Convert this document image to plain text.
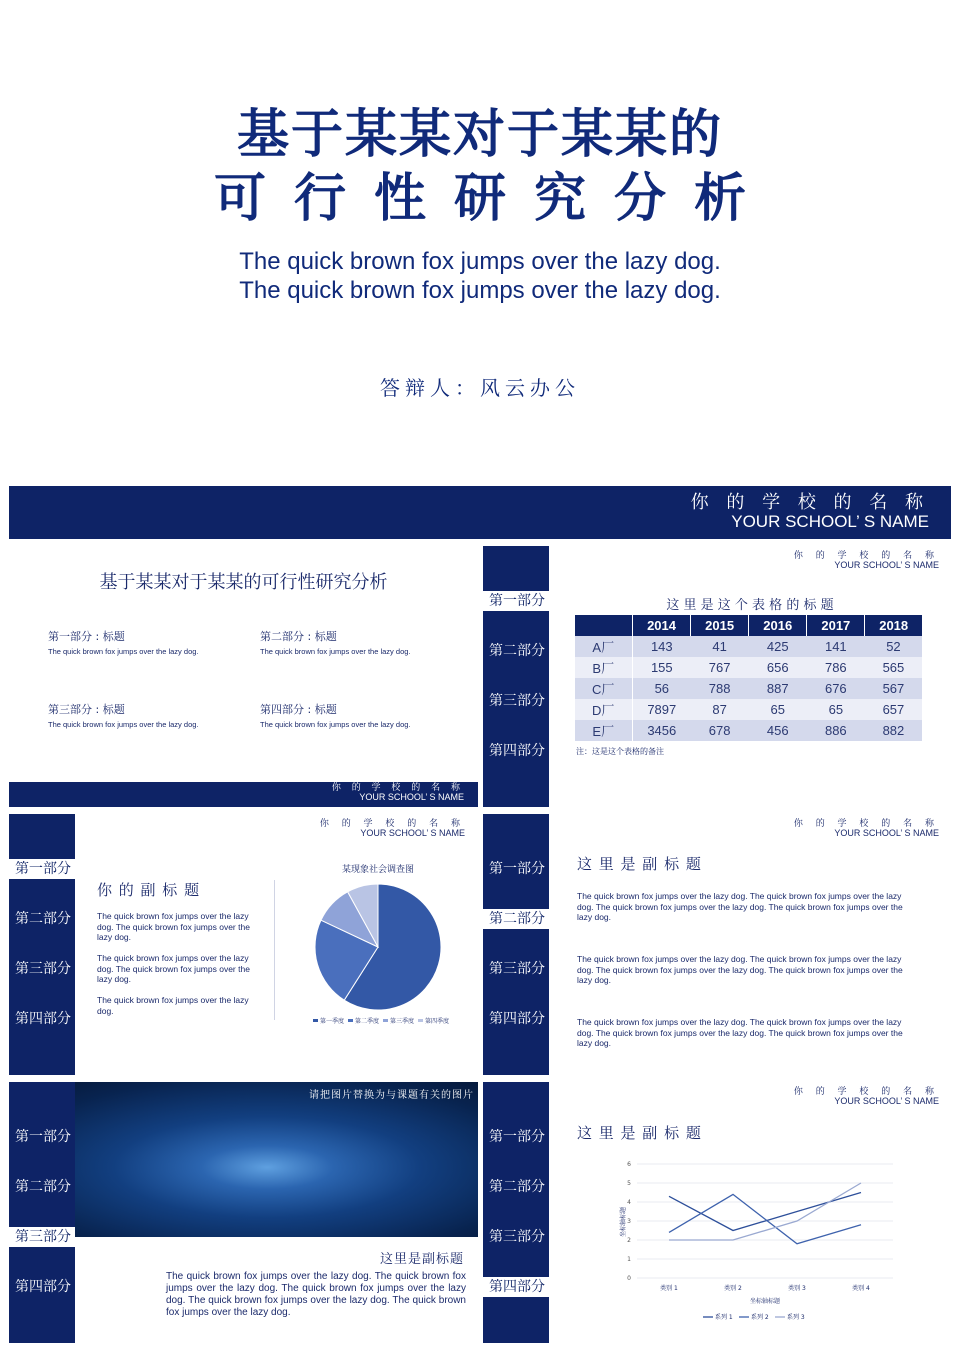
基于某某对于某某的
可行性研究分析
The quick brown fox jumps over the lazy dog.
The quick brown fox jumps over the lazy dog.
答辩人：风云办公
你 的 学 校 的 名 称
YOUR SCHOOL’ S NAME
基于某某对于某某的可行性研究分析
第一部分 : 标题
The quick brown fox jumps over the lazy dog.
第二部分 : 标题
The quick brown fox jumps over the lazy dog.
第三部分 : 标题
The quick brown fox jumps over the lazy dog.
第四部分 : 标题
The quick brown fox jumps over the lazy dog.
你 的 学 校 的 名 称
YOUR SCHOOL’ S NAME
第一部分
第二部分
第三部分
第四部分
你 的 学 校 的 名 称
YOUR SCHOOL’ S NAME
这 里 是 这 个 表 格 的 标 题
	2014	2015	2016	2017	2018
A厂	143	41	425	141	52
B厂	155	767	656	786	565
C厂	56	788	887	676	567
D厂	7897	87	65	65	657
E厂	3456	678	456	886	882
注：这是这个表格的备注
第一部分
第二部分
第三部分
第四部分
你 的 学 校 的 名 称
YOUR SCHOOL’ S NAME
你 的 副 标 题
The quick brown fox jumps over the lazy dog. The quick brown fox jumps over the lazy dog.
The quick brown fox jumps over the lazy dog. The quick brown fox jumps over the lazy dog.
The quick brown fox jumps over the lazy dog.
某现象社会调查图
第一季度 第二季度 第三季度 第四季度
第一部分
第二部分
第三部分
第四部分
你 的 学 校 的 名 称
YOUR SCHOOL’ S NAME
这 里 是 副 标 题
The quick brown fox jumps over the lazy dog. The quick brown fox jumps over the lazy dog. The quick brown fox jumps over the lazy dog. The quick brown fox jumps over the lazy dog.
The quick brown fox jumps over the lazy dog. The quick brown fox jumps over the lazy dog. The quick brown fox jumps over the lazy dog. The quick brown fox jumps over the lazy dog.
The quick brown fox jumps over the lazy dog. The quick brown fox jumps over the lazy dog. The quick brown fox jumps over the lazy dog. The quick brown fox jumps over the lazy dog.
请把图片替换为与课题有关的图片
第一部分
第二部分
第三部分
第四部分
这里是副标题
The quick brown fox jumps over the lazy dog. The quick brown fox jumps over the lazy dog. The quick brown fox jumps over the lazy dog. The quick brown fox jumps over the lazy dog. The quick brown fox jumps over the lazy dog.
第一部分
第二部分
第三部分
第四部分
你 的 学 校 的 名 称
YOUR SCHOOL’ S NAME
这 里 是 副 标 题
0
1
2
3
4
5
6
坐标轴标题
类别 1	类别 2	类别 3	类别 4
坐标轴标题
系列 1	系列 2	系列 3
